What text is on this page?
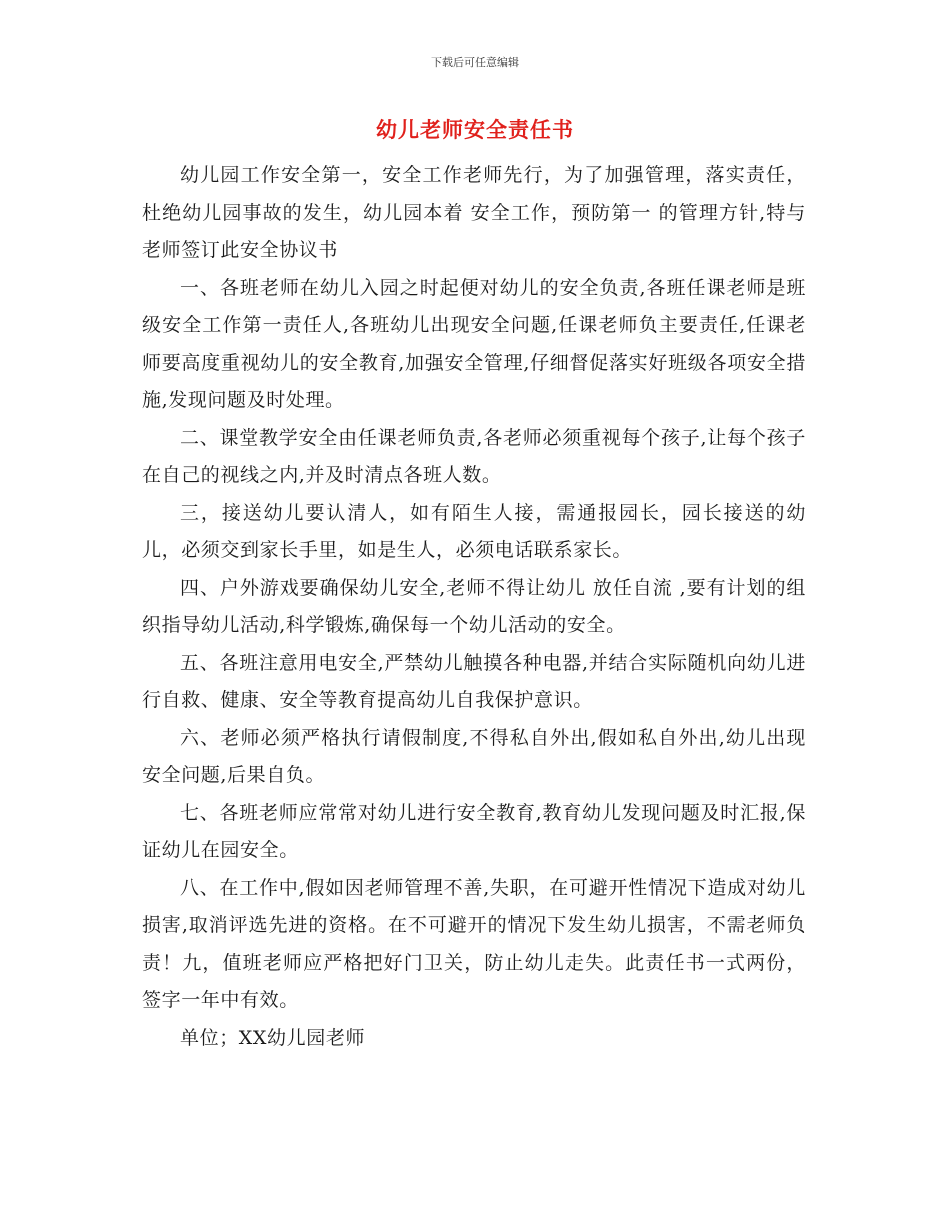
下载后可任意编辑
幼儿老师安全责任书

幼儿园工作安全第一，安全工作老师先行，为了加强管理，落实责任，杜绝幼儿园事故的发生，幼儿园本着 安全工作，预防第一 的管理方针,特与老师签订此安全协议书

一、各班老师在幼儿入园之时起便对幼儿的安全负责,各班任课老师是班级安全工作第一责任人,各班幼儿出现安全问题,任课老师负主要责任,任课老师要高度重视幼儿的安全教育,加强安全管理,仔细督促落实好班级各项安全措施,发现问题及时处理。

二、课堂教学安全由任课老师负责,各老师必须重视每个孩子,让每个孩子在自己的视线之内,并及时清点各班人数。

三，接送幼儿要认清人，如有陌生人接，需通报园长，园长接送的幼儿，必须交到家长手里，如是生人，必须电话联系家长。

四、户外游戏要确保幼儿安全,老师不得让幼儿 放任自流 ,要有计划的组织指导幼儿活动,科学锻炼,确保每一个幼儿活动的安全。

五、各班注意用电安全,严禁幼儿触摸各种电器,并结合实际随机向幼儿进行自救、健康、安全等教育提高幼儿自我保护意识。

六、老师必须严格执行请假制度,不得私自外出,假如私自外出,幼儿出现安全问题,后果自负。

七、各班老师应常常对幼儿进行安全教育,教育幼儿发现问题及时汇报,保证幼儿在园安全。

八、在工作中,假如因老师管理不善,失职，在可避开性情况下造成对幼儿损害,取消评选先进的资格。在不可避开的情况下发生幼儿损害，不需老师负责！九，值班老师应严格把好门卫关，防止幼儿走失。此责任书一式两份，签字一年中有效。

单位；XX幼儿园老师
